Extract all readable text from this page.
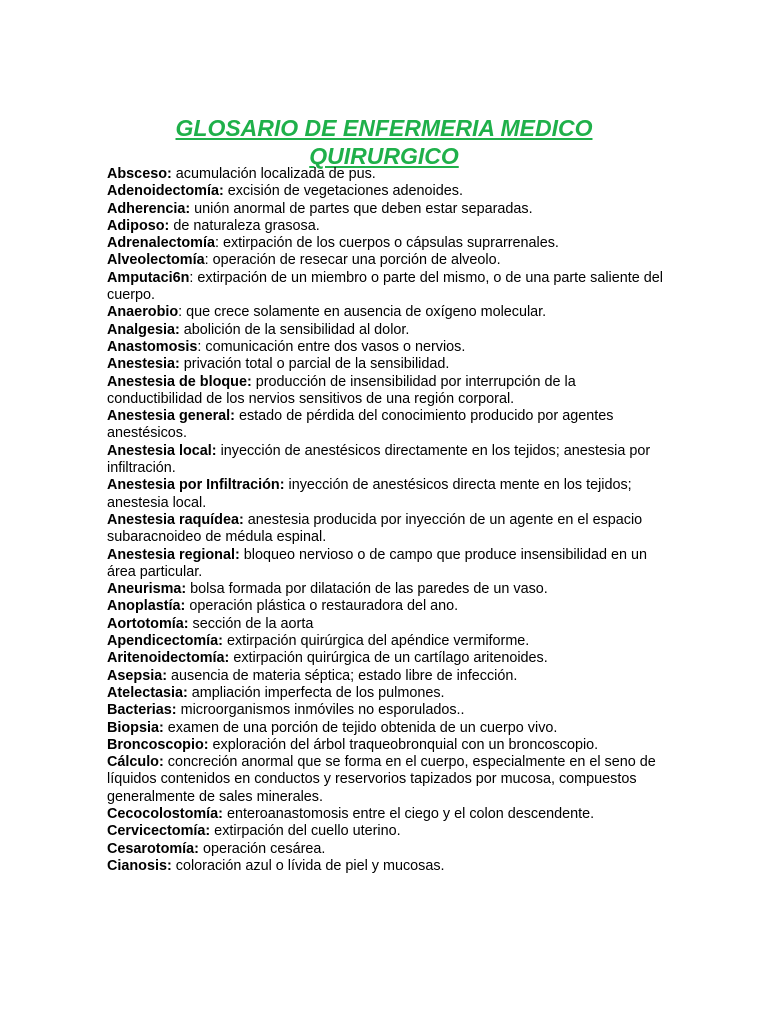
GLOSARIO DE ENFERMERIA MEDICO
QUIRURGICO
Absceso: acumulación localizada de pus.
Adenoidectomía: excisión de vegetaciones adenoides.
Adherencia: unión anormal de partes que deben estar separadas.
Adiposo: de naturaleza grasosa.
Adrenalectomía: extirpación de los cuerpos o cápsulas suprarrenales.
Alveolectomía: operación de resecar una porción de alveolo.
Amputaci6n: extirpación de un miembro o parte del mismo, o de una parte saliente del cuerpo.
Anaerobio: que crece solamente en ausencia de oxígeno molecular.
Analgesia: abolición de la sensibilidad al dolor.
Anastomosis: comunicación entre dos vasos o nervios.
Anestesia: privación total o parcial de la sensibilidad.
Anestesia de bloque: producción de insensibilidad por interrupción de la conductibilidad de los nervios sensitivos de una región corporal.
Anestesia general: estado de pérdida del conocimiento producido por agentes anestésicos.
Anestesia local: inyección de anestésicos directamente en los tejidos; anestesia por infiltración.
Anestesia por Infiltración: inyección de anestésicos directa mente en los tejidos; anestesia local.
Anestesia raquídea: anestesia producida por inyección de un agente en el espacio subaracnoideo de médula espinal.
Anestesia regional: bloqueo nervioso o de campo que produce insensibilidad en un área particular.
Aneurisma: bolsa formada por dilatación de las paredes de un vaso.
Anoplastía: operación plástica o restauradora del ano.
Aortotomía: sección de la aorta
Apendicectomía: extirpación quirúrgica del apéndice vermiforme.
Aritenoidectomía: extirpación quirúrgica de un cartílago aritenoides.
Asepsia: ausencia de materia séptica; estado libre de infección.
Atelectasia: ampliación imperfecta de los pulmones.
Bacterias: microorganismos inmóviles no esporulados..
Biopsia: examen de una porción de tejido obtenida de un cuerpo vivo.
Broncoscopio: exploración del árbol traqueobronquial con un broncoscopio.
Cálculo: concreción anormal que se forma en el cuerpo, especialmente en el seno de líquidos contenidos en conductos y reservorios tapizados por mucosa, compuestos generalmente de sales minerales.
Cecocolostomía: enteroanastomosis entre el ciego y el colon descendente.
Cervicectomía: extirpación del cuello uterino.
Cesarotomía: operación cesárea.
Cianosis: coloración azul o lívida de piel y mucosas.
